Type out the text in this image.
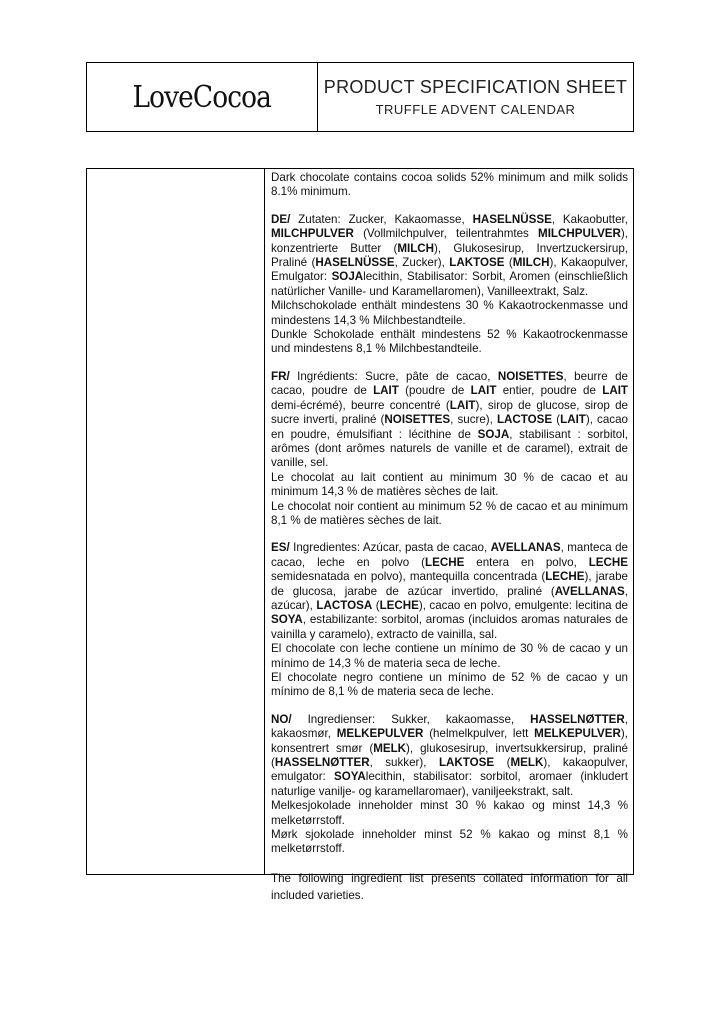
LoveCocoa	PRODUCT SPECIFICATION SHEET
TRUFFLE ADVENT CALENDAR

Dark chocolate contains cocoa solids 52% minimum and milk solids 8.1% minimum.

DE/ Zutaten: Zucker, Kakaomasse, HASELNÜSSE, Kakaobutter, MILCHPULVER (Vollmilchpulver, teilentrahmtes MILCHPULVER), konzentrierte Butter (MILCH), Glukosesirup, Invertzuckersirup, Praliné (HASELNÜSSE, Zucker), LAKTOSE (MILCH), Kakaopulver, Emulgator: SOJAlecithin, Stabilisator: Sorbit, Aromen (einschließlich natürlicher Vanille- und Karamellaromen), Vanilleextrakt, Salz.

Milchschokolade enthält mindestens 30 % Kakaotrockenmasse und mindestens 14,3 % Milchbestandteile.

Dunkle Schokolade enthält mindestens 52 % Kakaotrockenmasse und mindestens 8,1 % Milchbestandteile.

FR/ Ingrédients: Sucre, pâte de cacao, NOISETTES, beurre de cacao, poudre de LAIT (poudre de LAIT entier, poudre de LAIT demi-écrémé), beurre concentré (LAIT), sirop de glucose, sirop de sucre inverti, praliné (NOISETTES, sucre), LACTOSE (LAIT), cacao en poudre, émulsifiant : lécithine de SOJA, stabilisant : sorbitol, arômes (dont arômes naturels de vanille et de caramel), extrait de vanille, sel.

Le chocolat au lait contient au minimum 30 % de cacao et au minimum 14,3 % de matières sèches de lait.

Le chocolat noir contient au minimum 52 % de cacao et au minimum 8,1 % de matières sèches de lait.

ES/ Ingredientes: Azúcar, pasta de cacao, AVELLANAS, manteca de cacao, leche en polvo (LECHE entera en polvo, LECHE semidesnatada en polvo), mantequilla concentrada (LECHE), jarabe de glucosa, jarabe de azúcar invertido, praliné (AVELLANAS, azúcar), LACTOSA (LECHE), cacao en polvo, emulgente: lecitina de SOYA, estabilizante: sorbitol, aromas (incluidos aromas naturales de vainilla y caramelo), extracto de vainilla, sal.

El chocolate con leche contiene un mínimo de 30 % de cacao y un mínimo de 14,3 % de materia seca de leche.

El chocolate negro contiene un mínimo de 52 % de cacao y un mínimo de 8,1 % de materia seca de leche.

NO/ Ingredienser: Sukker, kakaomasse, HASSELNØTTER, kakaosmør, MELKEPULVER (helmelkpulver, lett MELKEPULVER), konsentrert smør (MELK), glukosesirup, invertsukkersirup, praliné (HASSELNØTTER, sukker), LAKTOSE (MELK), kakaopulver, emulgator: SOYAlecithin, stabilisator: sorbitol, aromaer (inkludert naturlige vanilje- og karamellaromaer), vaniljeekstrakt, salt.

Melkesjokolade inneholder minst 30 % kakao og minst 14,3 % melketørrstoff.

Mørk sjokolade inneholder minst 52 % kakao og minst 8,1 % melketørrstoff.

The following ingredient list presents collated information for all included varieties.
